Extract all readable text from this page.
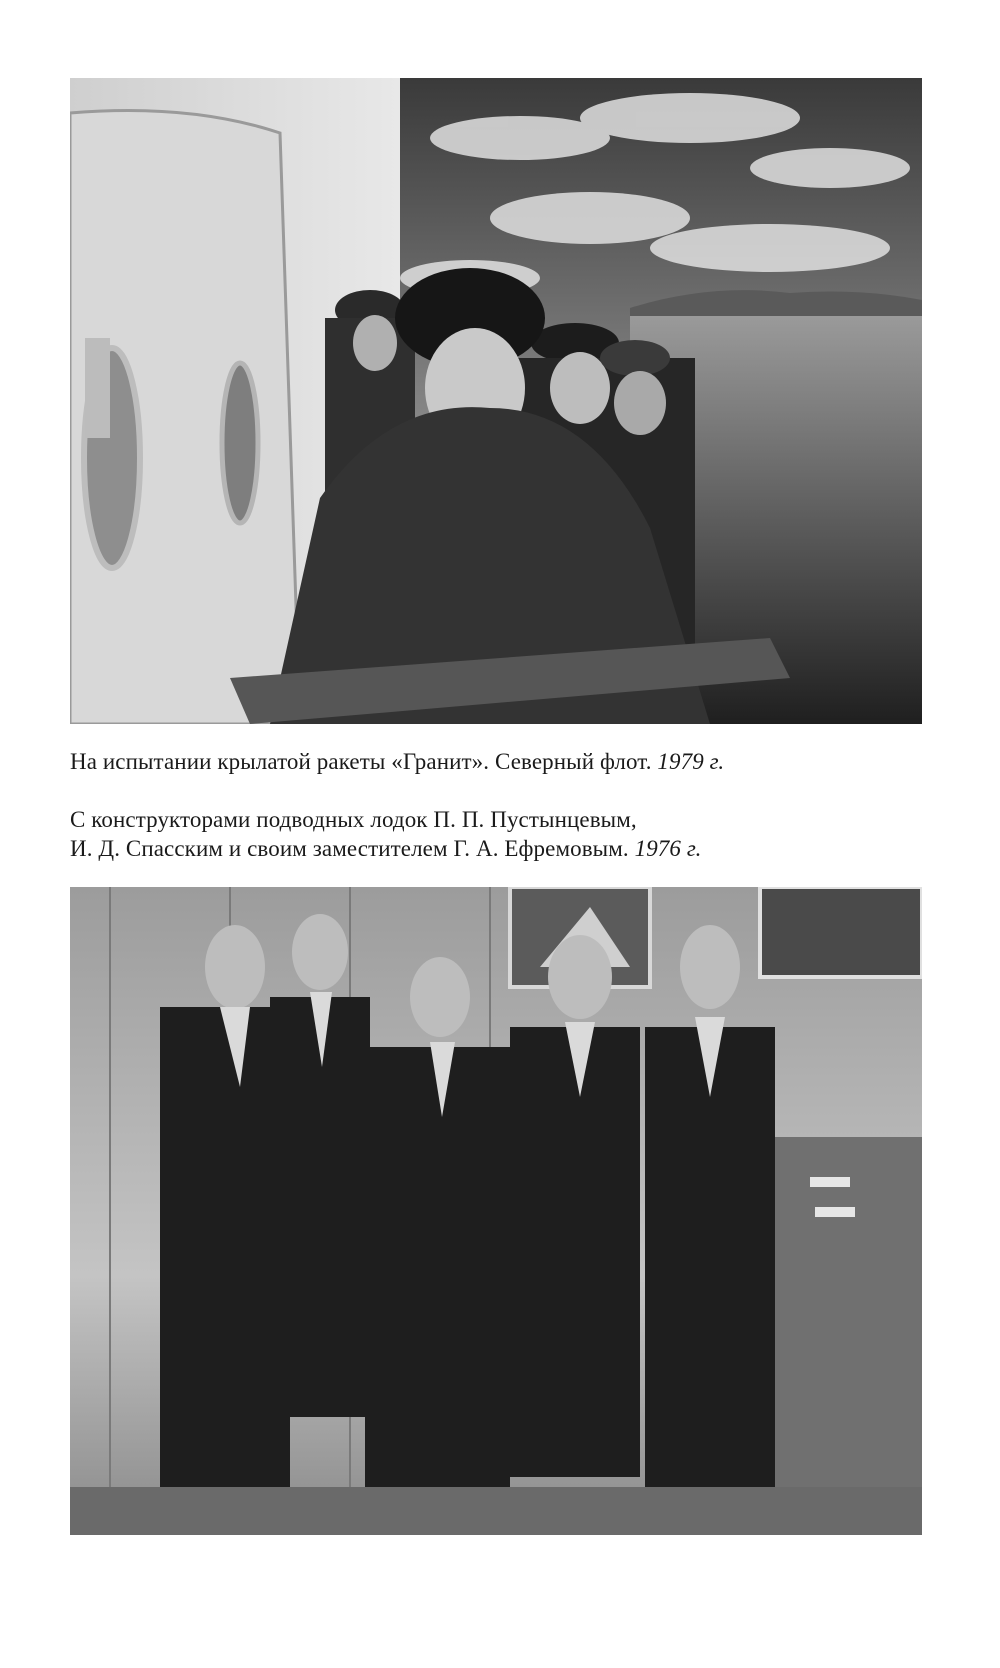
На испытании крылатой ракеты «Гранит». Северный флот. 1979 г.
С конструкторами подводных лодок П. П. Пустынцевым,
И. Д. Спасским и своим заместителем Г. А. Ефремовым. 1976 г.
